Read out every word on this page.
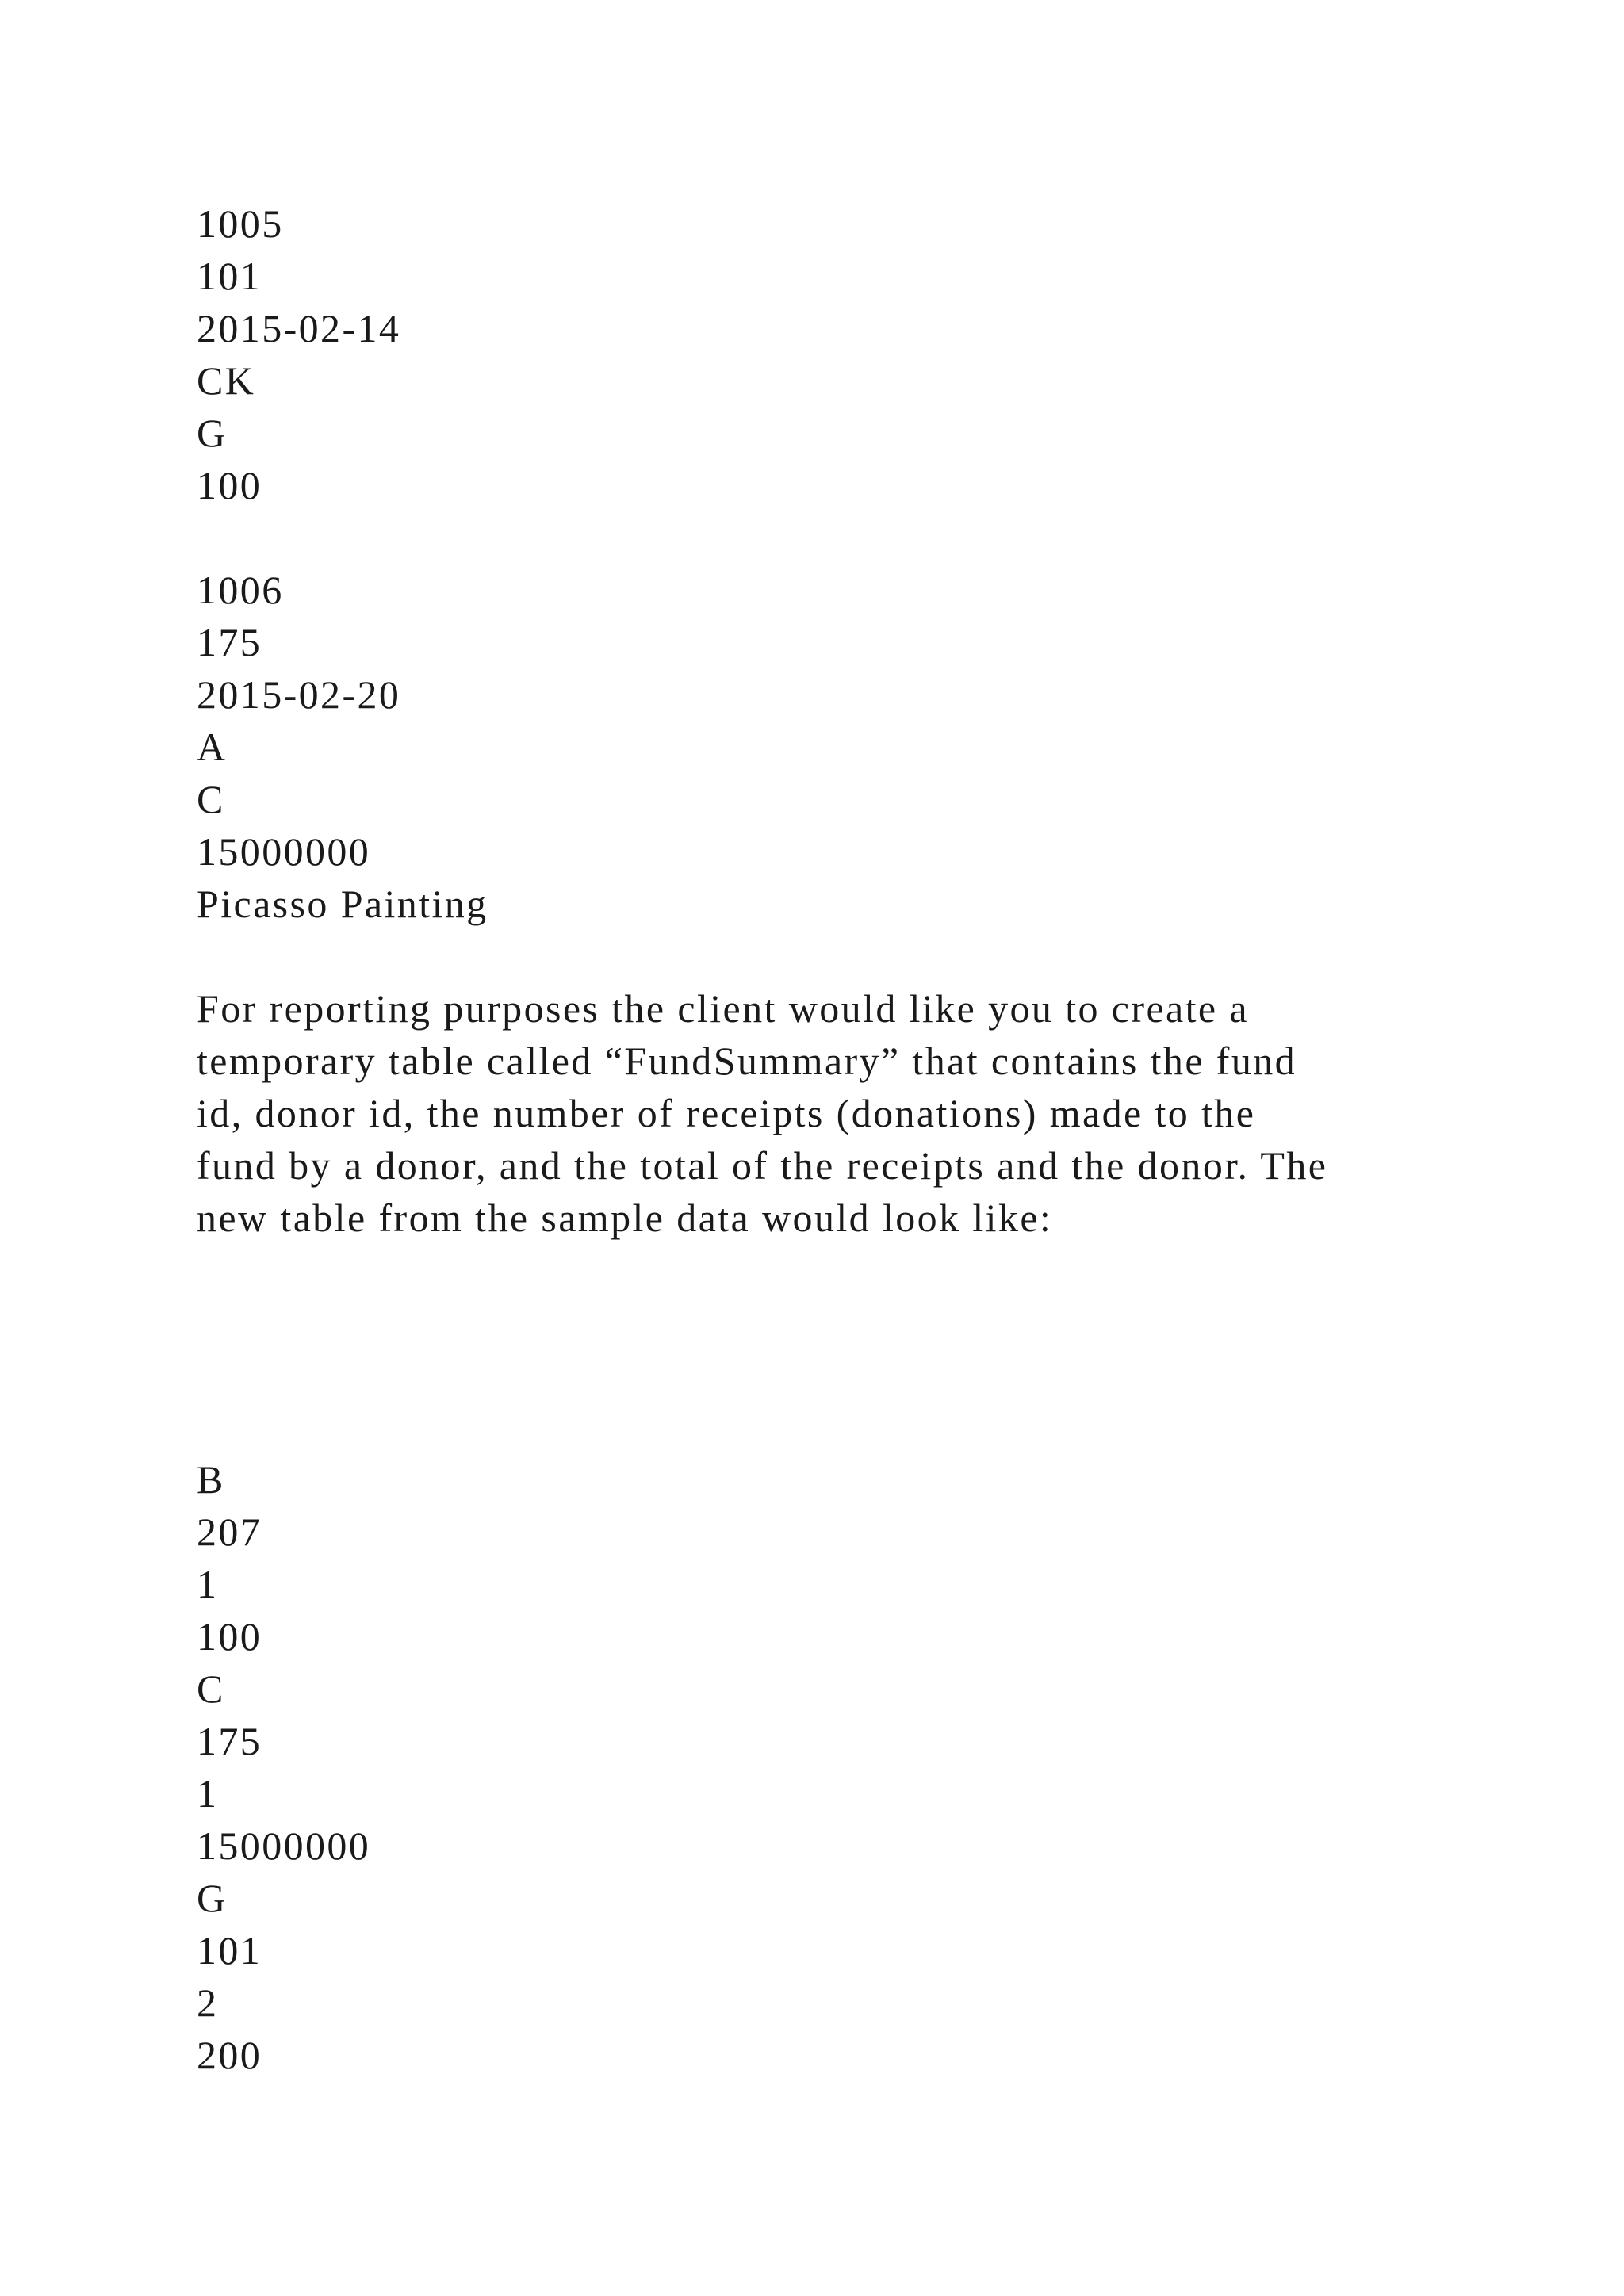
1005
101
2015-02-14
CK
G
100
1006
175
2015-02-20
A
C
15000000
Picasso Painting
For reporting purposes the client would like you to create a
temporary table called “FundSummary” that contains the fund
id, donor id, the number of receipts (donations) made to the
fund by a donor, and the total of the receipts and the donor. The
new table from the sample data would look like:
B
207
1
100
C
175
1
15000000
G
101
2
200
